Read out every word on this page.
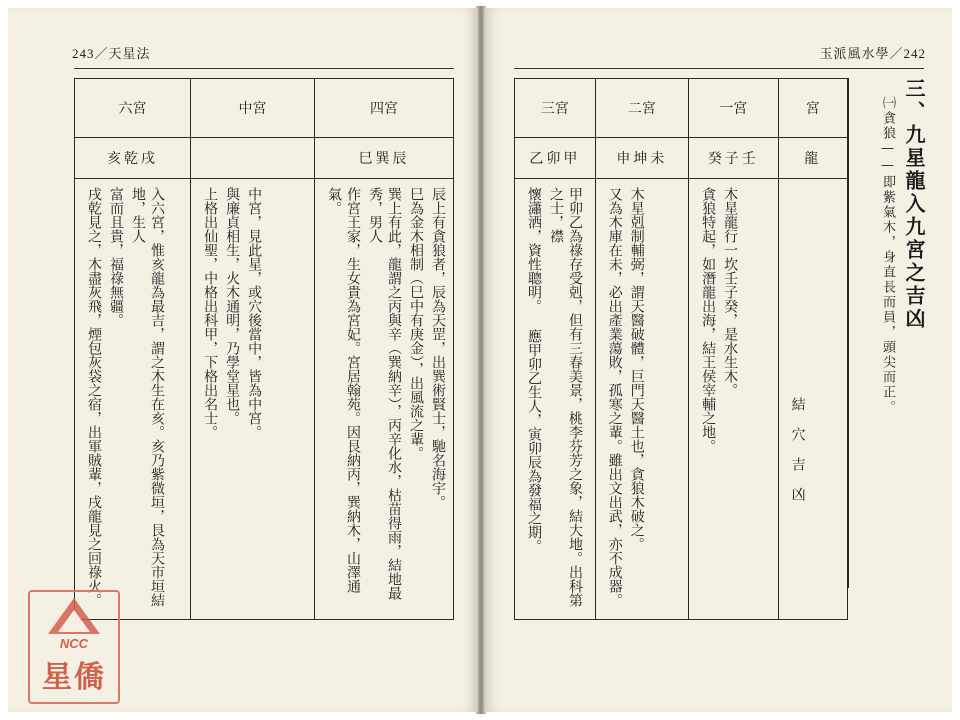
243／天星法
六宮	中宮	四宮
亥乾戌		巳巽辰

入六宮，惟亥龍為最吉，謂之木生在亥。亥乃紫微垣，艮為天市垣結地，生人 富而且貴，福祿無疆。 戌乾見之，木盡灰飛，煙包灰袋之宿，出軍賊輩，戌龍見之回祿火。	中宮，見此星，或穴後當中，皆為中宮。 與廉貞相生，火木通明，乃學堂星也。 上格出仙聖，中格出科甲，下格出名士。	辰上有貪狼者，辰為天罡，出巽術賢士，馳名海宇。 巳為金木相制（巳中有庚金），出風流之輩。 巽上有此，龍謂之丙與辛（巽納辛），丙辛化水，枯苗得雨，結地最秀，男人 作宮王家，生女貴為宮妃。宮居翰苑。因艮納丙，巽納木，山澤通氣。
NCC
星僑
玉派風水學／242
三宮	二宮	一宮	宮
乙卯甲	申坤未	癸子壬	龍

甲卯乙為祿存受剋，但有三春美景，桃李芬芳之象，結大地。出科第之士，襟 懷瀟洒，資性聰明。 應甲卯乙生人，寅卯辰為發福之期。	木星剋制輔弼，謂天醫破體，巨門天醫土也，貪狼木破之。 又為木庫在未，必出產業蕩敗，孤寒之輩。雖出文出武，亦不成器。	木星龍行一坎壬子癸，是水生木。 貪狼特起，如潛龍出海，結王侯宰輔之地。	結 穴 吉 凶
三、九星龍入九宮之吉凶
㈠貪狼——即紫氣木，身直長而員，頭尖而正。
